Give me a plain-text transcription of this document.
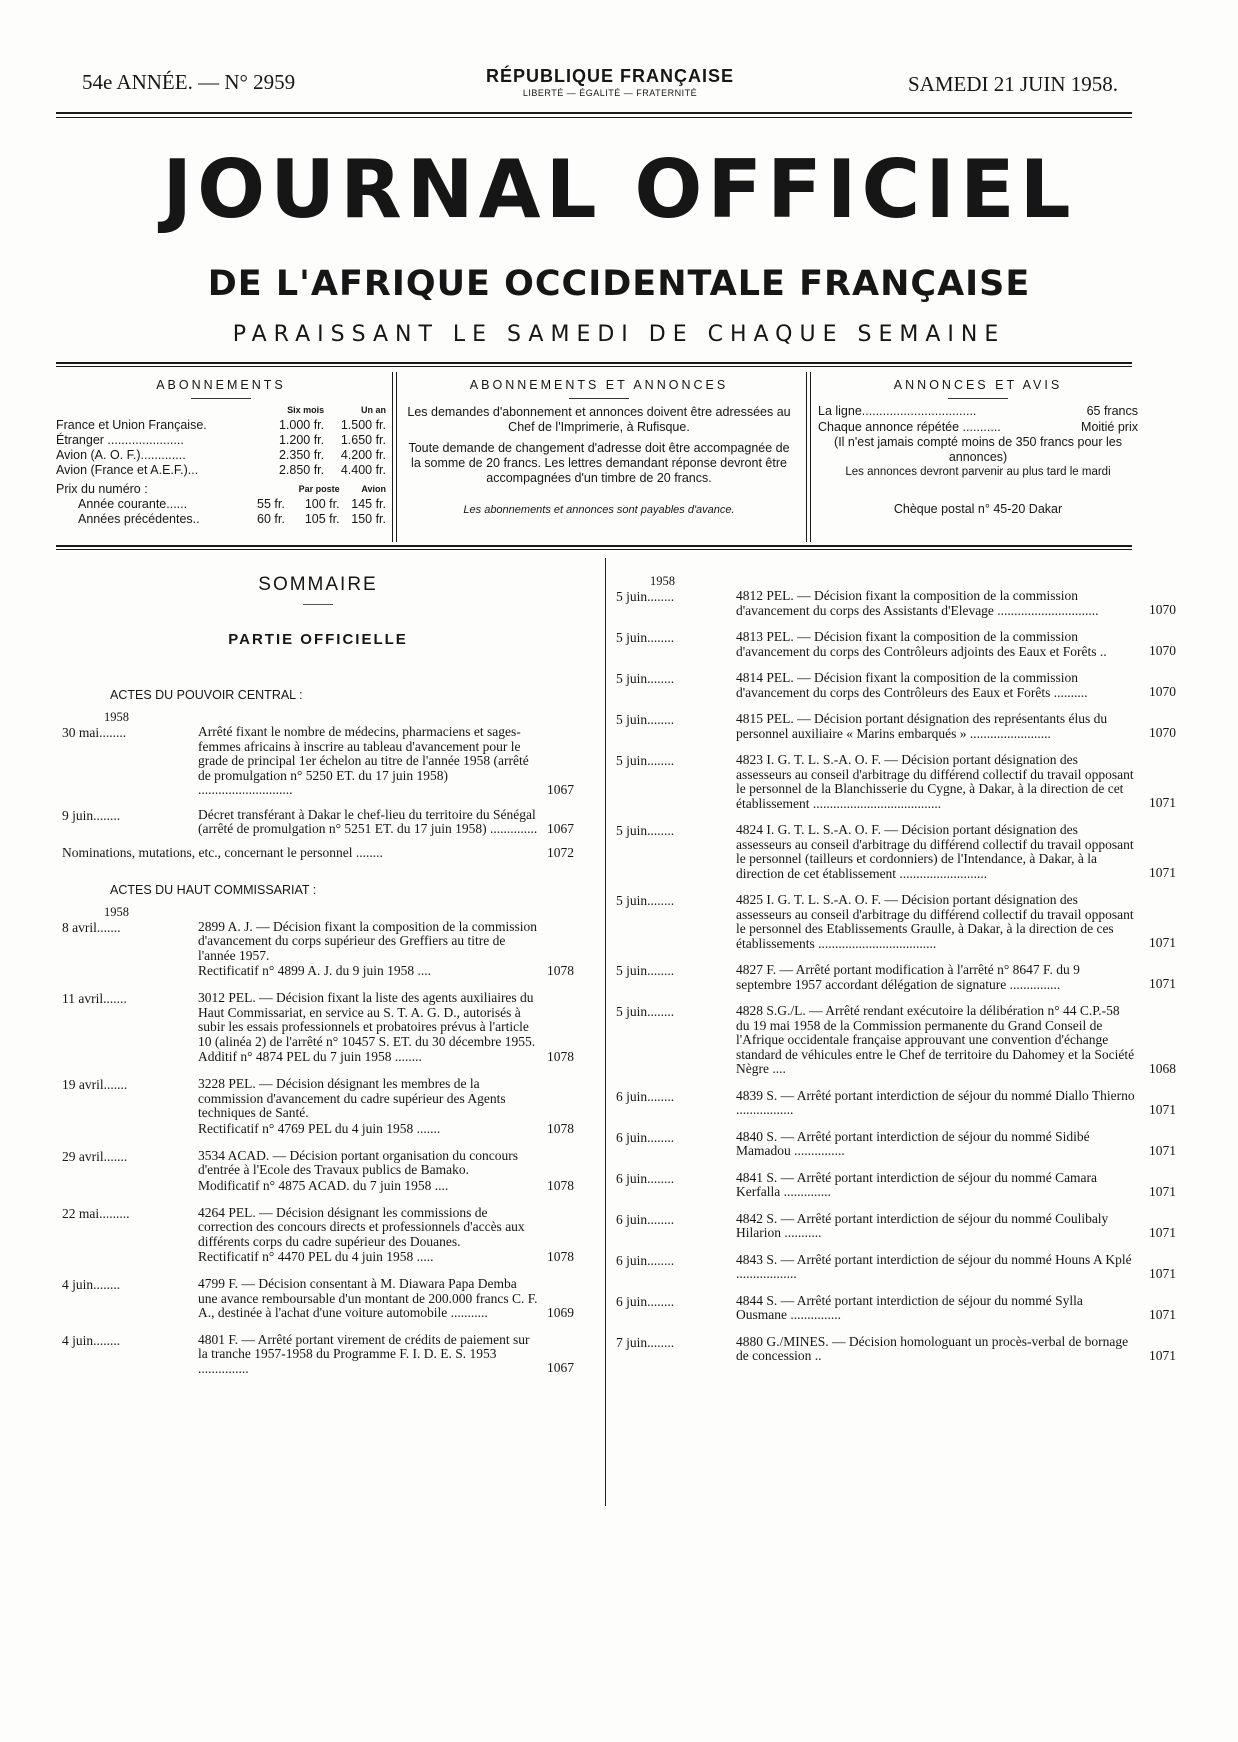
54e ANNÉE. — N° 2959	RÉPUBLIQUE FRANÇAISE
LIBERTÉ — ÉGALITÉ — FRATERNITÉ	SAMEDI 21 JUIN 1958.
JOURNAL OFFICIEL
DE L'AFRIQUE OCCIDENTALE FRANÇAISE
PARAISSANT LE SAMEDI DE CHAQUE SEMAINE
ABONNEMENTS
	Six mois	Un an
France et Union Française.	1.000 fr.	1.500 fr.
Étranger ......................	1.200 fr.	1.650 fr.
Avion (A. O. F.).............	2.350 fr.	4.200 fr.
Avion (France et A.E.F.)...	2.850 fr.	4.400 fr.
Prix du numéro :		Par poste	Avion
Année courante......	55 fr.	100 fr.	145 fr.
Années précédentes..	60 fr.	105 fr.	150 fr.
ABONNEMENTS ET ANNONCES

Les demandes d'abonnement et annonces doivent être adressées au Chef de l'Imprimerie, à Rufisque.

Toute demande de changement d'adresse doit être accompagnée de la somme de 20 francs. Les lettres demandant réponse devront être accompagnées d'un timbre de 20 francs.

Les abonnements et annonces sont payables d'avance.
ANNONCES ET AVIS
La ligne.................................	65 francs
Chaque annonce répétée ...........	Moitié prix
(Il n'est jamais compté moins de 350 francs pour les annonces)
Les annonces devront parvenir au plus tard le mardi
Chèque postal n° 45-20 Dakar
SOMMAIRE
PARTIE OFFICIELLE
ACTES DU POUVOIR CENTRAL :
1958
30 mai........	Arrêté fixant le nombre de médecins, pharmaciens et sages-femmes africains à inscrire au tableau d'avancement pour le grade de principal 1er échelon au titre de l'année 1958 (arrêté de promulgation n° 5250 ET. du 17 juin 1958) ............................	1067
9 juin........	Décret transférant à Dakar le chef-lieu du territoire du Sénégal (arrêté de promulgation n° 5251 ET. du 17 juin 1958) .............. 1067
Nominations, mutations, etc., concernant le personnel ........	1072
ACTES DU HAUT COMMISSARIAT :
1958
8 avril.......	2899 A. J. — Décision fixant la composition de la commission d'avancement du corps supérieur des Greffiers au titre de l'année 1957.
Rectificatif n° 4899 A. J. du 9 juin 1958 ....	1078
11 avril.......	3012 PEL. — Décision fixant la liste des agents auxiliaires du Haut Commissariat, en service au S. T. A. G. D., autorisés à subir les essais professionnels et probatoires prévus à l'article 10 (alinéa 2) de l'arrêté n° 10457 S. ET. du 30 décembre 1955.
Additif n° 4874 PEL du 7 juin 1958 ........	1078
19 avril.......	3228 PEL. — Décision désignant les membres de la commission d'avancement du cadre supérieur des Agents techniques de Santé.
Rectificatif n° 4769 PEL du 4 juin 1958 .......	1078
29 avril.......	3534 ACAD. — Décision portant organisation du concours d'entrée à l'Ecole des Travaux publics de Bamako.
Modificatif n° 4875 ACAD. du 7 juin 1958 ....	1078
22 mai.........	4264 PEL. — Décision désignant les commissions de correction des concours directs et professionnels d'accès aux différents corps du cadre supérieur des Douanes.
Rectificatif n° 4470 PEL du 4 juin 1958 .....	1078
4 juin........	4799 F. — Décision consentant à M. Diawara Papa Demba une avance remboursable d'un montant de 200.000 francs C. F. A., destinée à l'achat d'une voiture automobile ...........	1069
4 juin........	4801 F. — Arrêté portant virement de crédits de paiement sur la tranche 1957-1958 du Programme F. I. D. E. S. 1953 ...............	1067
1958
5 juin........	4812 PEL. — Décision fixant la composition de la commission d'avancement du corps des Assistants d'Elevage ..............................	1070
5 juin........	4813 PEL. — Décision fixant la composition de la commission d'avancement du corps des Contrôleurs adjoints des Eaux et Forêts ..	1070
5 juin........	4814 PEL. — Décision fixant la composition de la commission d'avancement du corps des Contrôleurs des Eaux et Forêts ..........	1070
5 juin........	4815 PEL. — Décision portant désignation des représentants élus du personnel auxiliaire « Marins embarqués » ........................	1070
5 juin........	4823 I. G. T. L. S.-A. O. F. — Décision portant désignation des assesseurs au conseil d'arbitrage du différend collectif du travail opposant le personnel de la Blanchisserie du Cygne, à Dakar, à la direction de cet établissement ......................................	1071
5 juin........	4824 I. G. T. L. S.-A. O. F. — Décision portant désignation des assesseurs au conseil d'arbitrage du différend collectif du travail opposant le personnel (tailleurs et cordonniers) de l'Intendance, à Dakar, à la direction de cet établissement ..........................	1071
5 juin........	4825 I. G. T. L. S.-A. O. F. — Décision portant désignation des assesseurs au conseil d'arbitrage du différend collectif du travail opposant le personnel des Etablissements Graulle, à Dakar, à la direction de ces établissements ...................................	1071
5 juin........	4827 F. — Arrêté portant modification à l'arrêté n° 8647 F. du 9 septembre 1957 accordant délégation de signature ...............	1071
5 juin........	4828 S.G./L. — Arrêté rendant exécutoire la délibération n° 44 C.P.-58 du 19 mai 1958 de la Commission permanente du Grand Conseil de l'Afrique occidentale française approuvant une convention d'échange standard de véhicules entre le Chef de territoire du Dahomey et la Société Nègre ....	1068
6 juin........	4839 S. — Arrêté portant interdiction de séjour du nommé Diallo Thierno .................	1071
6 juin........	4840 S. — Arrêté portant interdiction de séjour du nommé Sidibé Mamadou ...............	1071
6 juin........	4841 S. — Arrêté portant interdiction de séjour du nommé Camara Kerfalla ..............	1071
6 juin........	4842 S. — Arrêté portant interdiction de séjour du nommé Coulibaly Hilarion ...........	1071
6 juin........	4843 S. — Arrêté portant interdiction de séjour du nommé Houns A Kplé ..................	1071
6 juin........	4844 S. — Arrêté portant interdiction de séjour du nommé Sylla Ousmane ...............	1071
7 juin........	4880 G./MINES. — Décision homologuant un procès-verbal de bornage de concession ..	1071
